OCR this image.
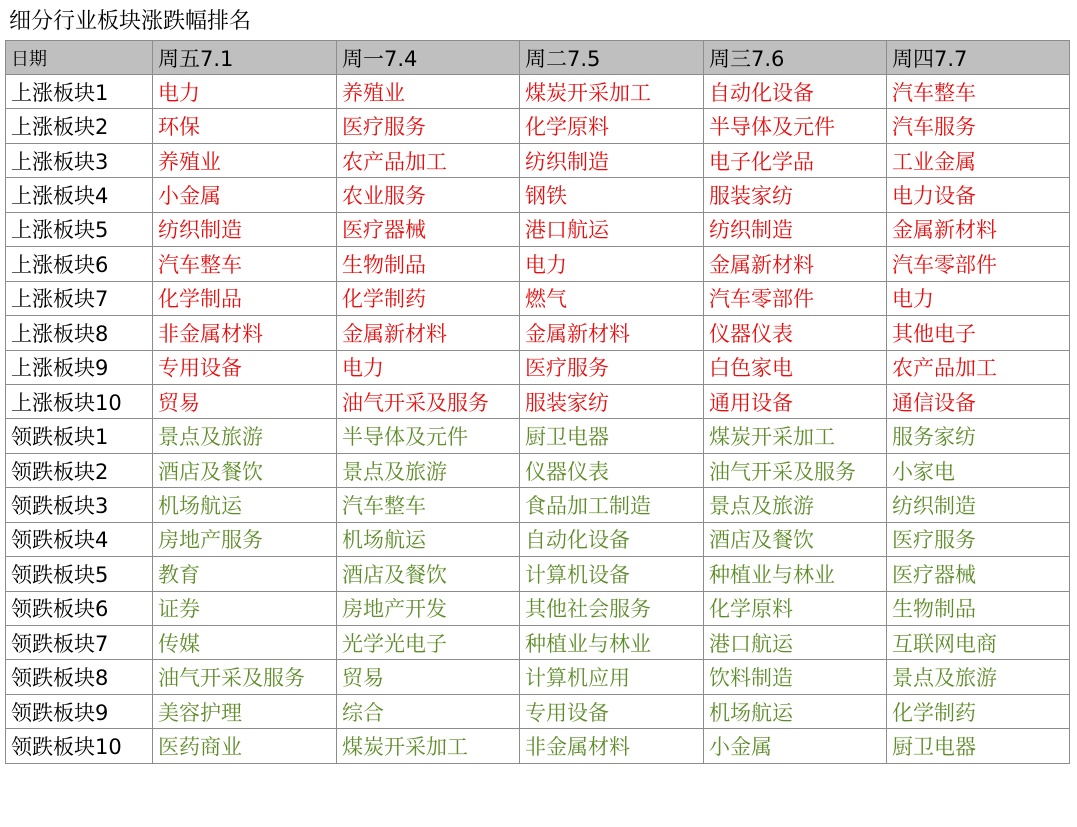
细分行业板块涨跌幅排名
日期	周五7.1	周一7.4	周二7.5	周三7.6	周四7.7
上涨板块1	电力	养殖业	煤炭开采加工	自动化设备	汽车整车
上涨板块2	环保	医疗服务	化学原料	半导体及元件	汽车服务
上涨板块3	养殖业	农产品加工	纺织制造	电子化学品	工业金属
上涨板块4	小金属	农业服务	钢铁	服装家纺	电力设备
上涨板块5	纺织制造	医疗器械	港口航运	纺织制造	金属新材料
上涨板块6	汽车整车	生物制品	电力	金属新材料	汽车零部件
上涨板块7	化学制品	化学制药	燃气	汽车零部件	电力
上涨板块8	非金属材料	金属新材料	金属新材料	仪器仪表	其他电子
上涨板块9	专用设备	电力	医疗服务	白色家电	农产品加工
上涨板块10	贸易	油气开采及服务	服装家纺	通用设备	通信设备
领跌板块1	景点及旅游	半导体及元件	厨卫电器	煤炭开采加工	服务家纺
领跌板块2	酒店及餐饮	景点及旅游	仪器仪表	油气开采及服务	小家电
领跌板块3	机场航运	汽车整车	食品加工制造	景点及旅游	纺织制造
领跌板块4	房地产服务	机场航运	自动化设备	酒店及餐饮	医疗服务
领跌板块5	教育	酒店及餐饮	计算机设备	种植业与林业	医疗器械
领跌板块6	证券	房地产开发	其他社会服务	化学原料	生物制品
领跌板块7	传媒	光学光电子	种植业与林业	港口航运	互联网电商
领跌板块8	油气开采及服务	贸易	计算机应用	饮料制造	景点及旅游
领跌板块9	美容护理	综合	专用设备	机场航运	化学制药
领跌板块10	医药商业	煤炭开采加工	非金属材料	小金属	厨卫电器
